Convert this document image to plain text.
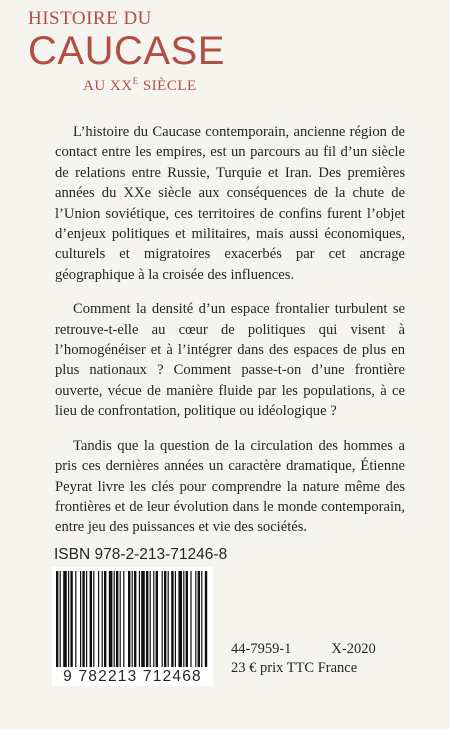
HISTOIRE DU
CAUCASE
AU $XX^E$ SIÈCLE

L’histoire du Caucase contemporain, ancienne région de contact entre les empires, est un parcours au fil d’un siècle de relations entre Russie, Turquie et Iran. Des premières années du XXe siècle aux conséquences de la chute de l’Union soviétique, ces territoires de confins furent l’objet d’enjeux politiques et militaires, mais aussi économiques, culturels et migratoires exacerbés par cet ancrage géographique à la croisée des influences.

Comment la densité d’un espace frontalier turbulent se retrouve-t-elle au cœur de politiques qui visent à l’homogénéiser et à l’intégrer dans des espaces de plus en plus nationaux ? Comment passe-t-on d’une frontière ouverte, vécue de manière fluide par les populations, à ce lieu de confrontation, politique ou idéologique ?

Tandis que la question de la circulation des hommes a pris ces dernières années un caractère dramatique, Étienne Peyrat livre les clés pour comprendre la nature même des frontières et de leur évolution dans le monde contemporain, entre jeu des puissances et vie des sociétés.

ISBN 978-2-213-71246-8
9 782213 712468
44-7959-1	X-2020
23 € prix TTC France
